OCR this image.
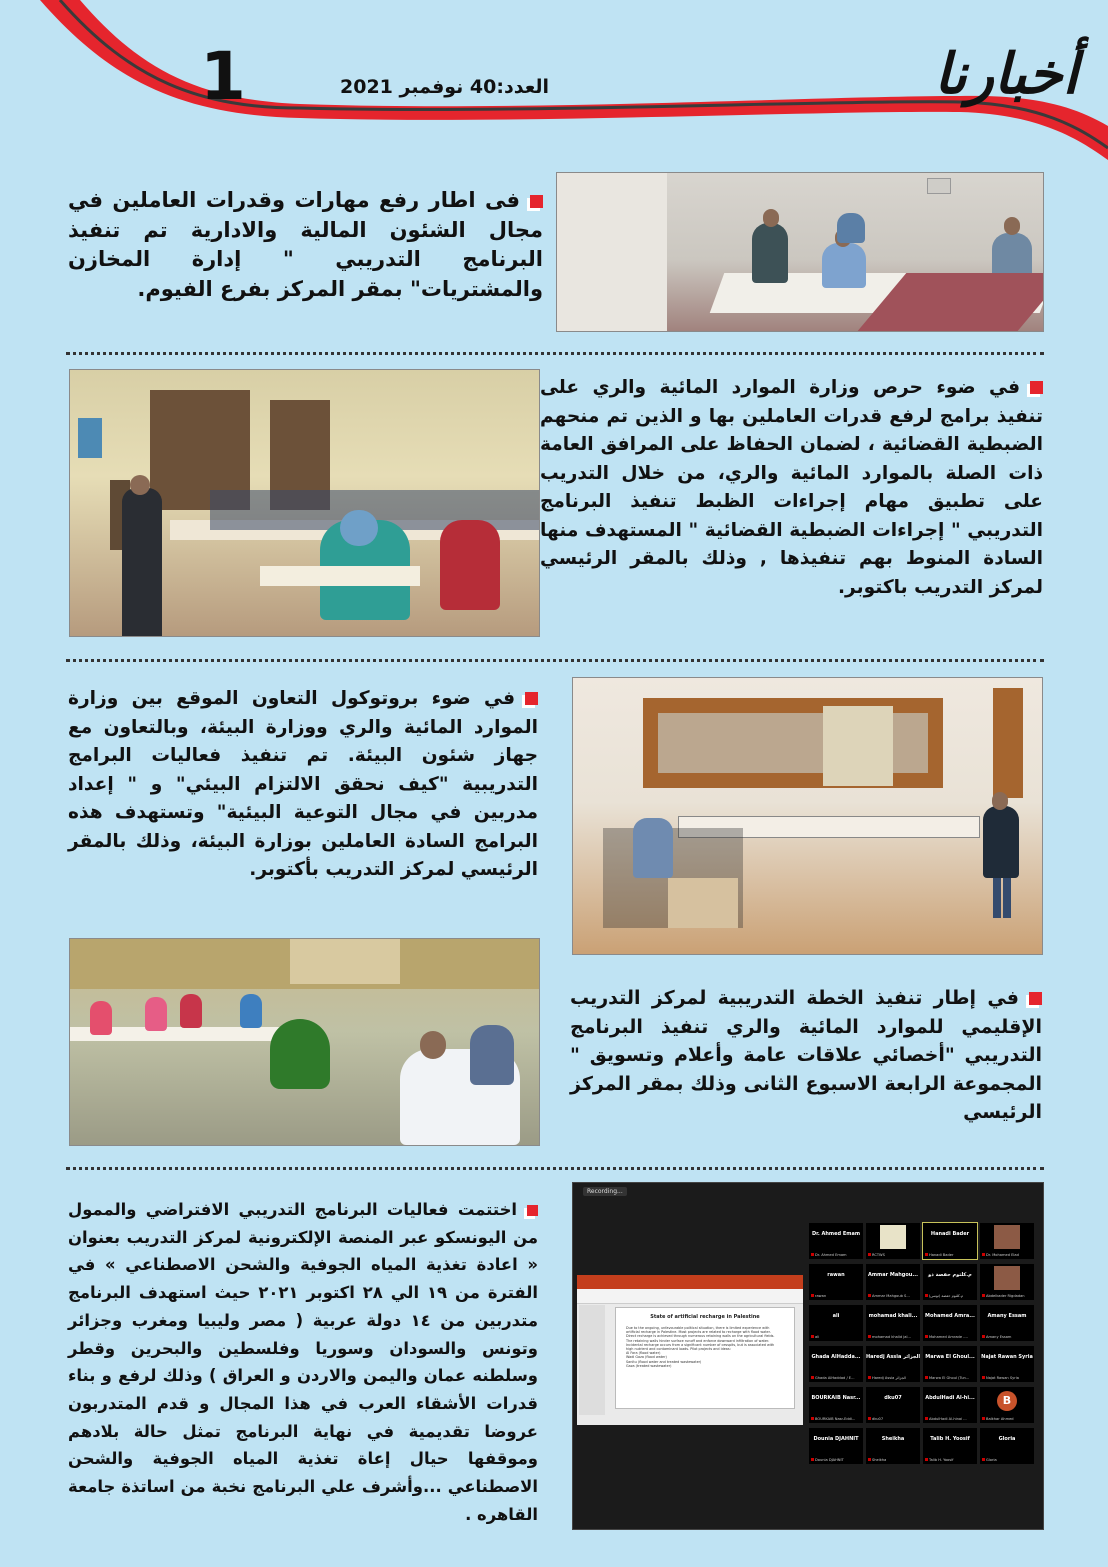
أخبارنا
العدد:40 نوفمبر 2021
1
فى اطار رفع مهارات وقدرات العاملين في مجال الشئون المالية والادارية تم تنفيذ البرنامج التدريبي " إدارة المخازن والمشتريات" بمقر المركز بفرع الفيوم.
في ضوء حرص وزارة الموارد المائية والري على تنفيذ برامج لرفع قدرات العاملين بها و الذين تم منحهم الضبطية القضائية ، لضمان الحفاظ على المرافق العامة ذات الصلة بالموارد المائية والري، من خلال التدريب على تطبيق مهام إجراءات الظبط تنفيذ البرنامج التدريبي " إجراءات الضبطية القضائية " المستهدف منها السادة المنوط بهم تنفيذها , وذلك بالمقر الرئيسي لمركز التدريب باكتوبر.
في ضوء بروتوكول التعاون الموقع بين وزارة الموارد المائية والري ووزارة البيئة، وبالتعاون مع جهاز شئون البيئة. تم تنفيذ فعاليات البرامج التدريبية "كيف نحقق الالتزام البيئي" و " إعداد مدربين في مجال التوعية البيئية" وتستهدف هذه البرامج السادة العاملين بوزارة البيئة، وذلك بالمقر الرئيسي لمركز التدريب بأكتوبر.
في إطار تنفيذ الخطة التدريبية لمركز التدريب الإقليمي للموارد المائية والري تنفيذ البرنامج التدريبي "أخصائي علاقات عامة وأعلام وتسويق " المجموعة الرابعة الاسبوع الثانى وذلك بمقر المركز الرئيسي
اختتمت فعاليات البرنامج التدريبي الافتراضي والممول من اليونسكو عبر المنصة الإلكترونية لمركز التدريب بعنوان « اعادة تغذية المياه الجوفية والشحن الاصطناعي » في الفترة من ١٩ الي ٢٨ اكتوبر ٢٠٢١ حيث استهدف البرنامج متدربين من ١٤ دولة عربية ( مصر وليبيا ومغرب وجزائر وتونس والسودان وسوريا وفلسطين والبحرين وقطر وسلطنه عمان واليمن والاردن و العراق ) وذلك لرفع و بناء قدرات الأشقاء العرب في هذا المجال و قدم المتدربون عروضا تقديمية في نهاية البرنامج تمثل حالة بلادهم وموقفها حيال إعاة تغذية المياه الجوفية والشحن الاصطناعي ...وأشرف علي البرنامج نخبة من اساتذة جامعة القاهره .
Recording...
State of artificial recharge in Palestine
Due to the ongoing, unfavourable political situation, there is limited experience with artificial recharge in Palestine. Most projects are related to recharge with flood water. Direct recharge is achieved through numerous retaining walls on the agricultural fields. The retaining walls hinder surface runoff and enforce downward infiltration of water. Incidental recharge occurs from a significant number of cesspits, but is associated with high nutrient and contaminant loads. Pilot projects and ideas:
Al Fara (flood water)
Wadi Gaza (flood water)
Sanitu (flood water and treated wastewater)
Gaza (treated wastewater)
Dr. Ahmed Emam
Dr. Ahmed Emam	RCTWS
Hanadi Bader
Hanadi Bader	Dr. Mohamed Elad
rawan
rawan
Ammar Mahgou...
Ammar Mahgoub S...
م.كلثوم حفصة ذو
م.كلثوم حفصة (تونس)	Abdelkader Rigdadan
ali
ali
mohamad khali...
mohamad khalid jal...
Mohamed Amra...
Mohamed Amrade -...
Amany Essam
Amany Essam
Ghada AlHadda...
Ghada AlHaddad / E...
Haredj Assia الجزائر
Haredj Assia الجزائر
Marwa El Ghoul...
Marwa El Ghoul (Tun...
Najat Rawan Syria
Najat Rawan Syria
BOURKAIB Nasr...
BOURKAIB Nasr-Eddi...
dku07
dku07
AbdulHadi Al-hi...
AbdulHadi Al-hinai ...
B
Balkhar Ahmed
Dounia DJAHNIT
Dounia DJAHNIT
Sheikha
Sheikha
Talib H. Yoosif
Talib H. Yoosif
Gloria
Gloria
